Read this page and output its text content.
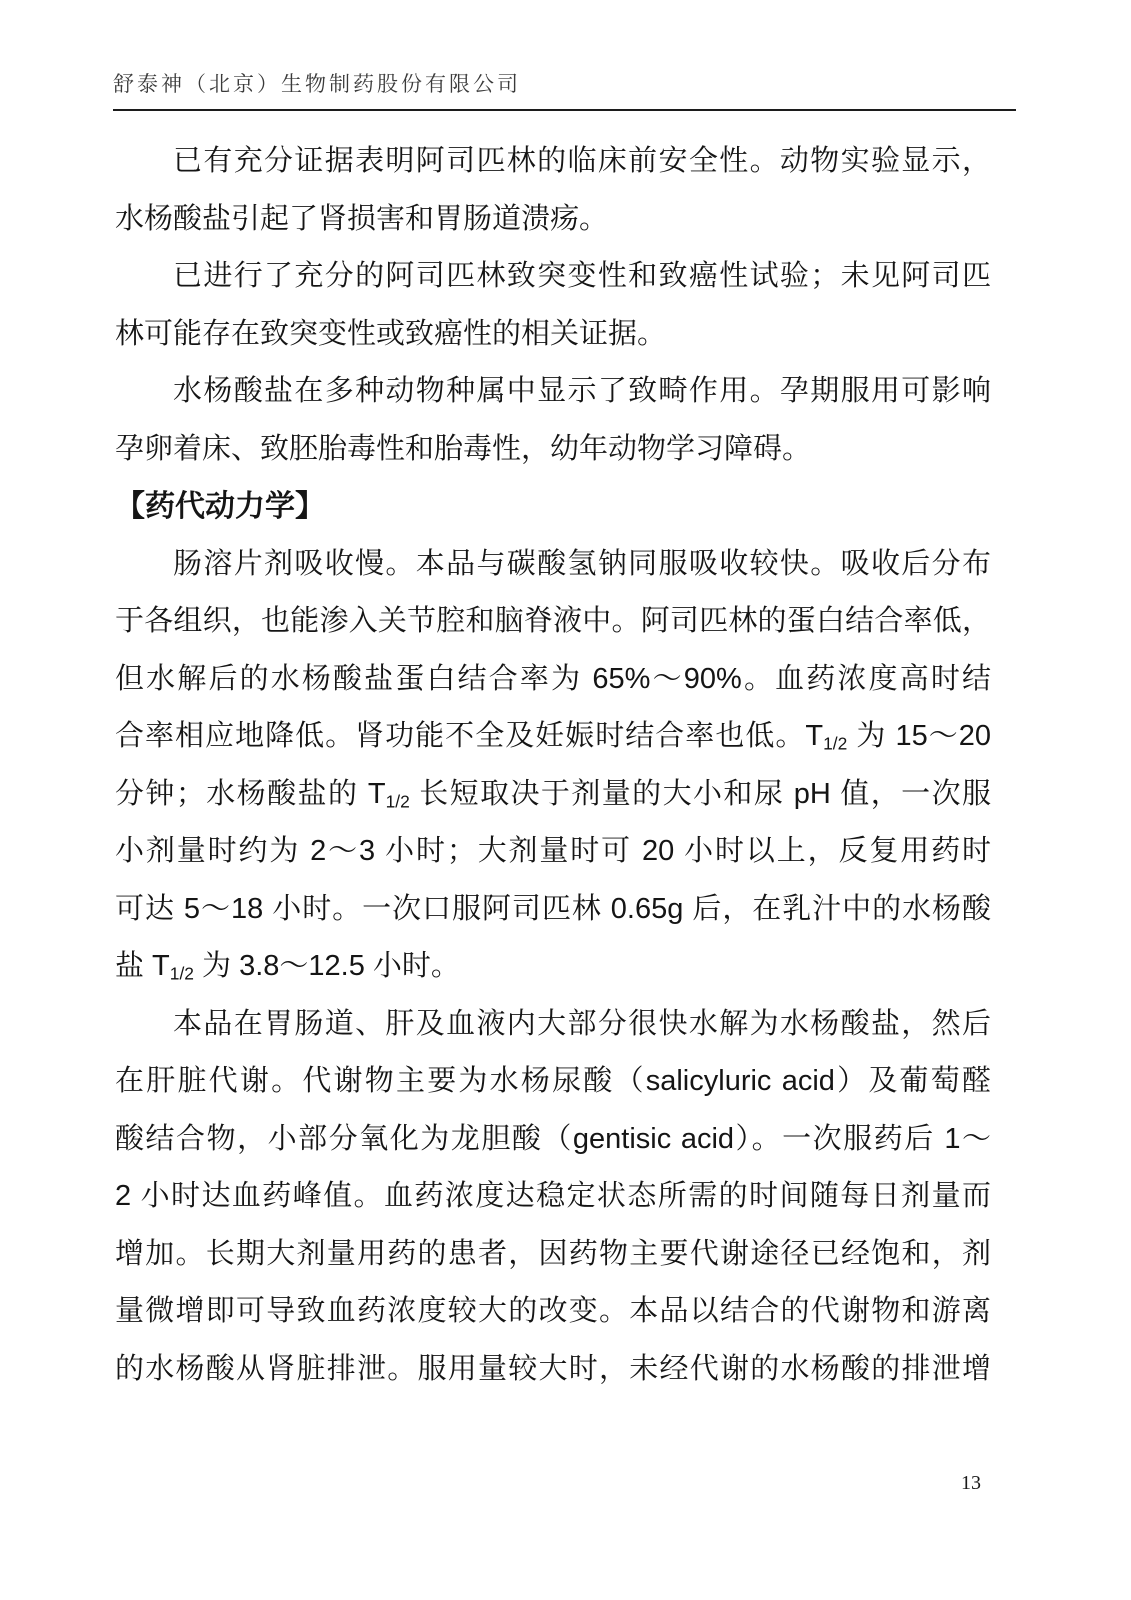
舒泰神（北京）生物制药股份有限公司
已有充分证据表明阿司匹林的临床前安全性。动物实验显示，
水杨酸盐引起了肾损害和胃肠道溃疡。
已进行了充分的阿司匹林致突变性和致癌性试验；未见阿司匹
林可能存在致突变性或致癌性的相关证据。
水杨酸盐在多种动物种属中显示了致畸作用。孕期服用可影响
孕卵着床、致胚胎毒性和胎毒性，幼年动物学习障碍。
【药代动力学】
肠溶片剂吸收慢。本品与碳酸氢钠同服吸收较快。吸收后分布
于各组织，也能渗入关节腔和脑脊液中。阿司匹林的蛋白结合率低，
但水解后的水杨酸盐蛋白结合率为 65%～90%。血药浓度高时结
合率相应地降低。肾功能不全及妊娠时结合率也低。$T_{1/2}$ 为 15～20
分钟；水杨酸盐的 $T_{1/2}$ 长短取决于剂量的大小和尿 pH 值，一次服
小剂量时约为 2～3 小时；大剂量时可 20 小时以上，反复用药时
可达 5～18 小时。一次口服阿司匹林 0.65g 后，在乳汁中的水杨酸
盐 $T_{1/2}$ 为 3.8～12.5 小时。
本品在胃肠道、肝及血液内大部分很快水解为水杨酸盐，然后
在肝脏代谢。代谢物主要为水杨尿酸（salicyluric acid）及葡萄醛
酸结合物，小部分氧化为龙胆酸（gentisic acid）。一次服药后 1～
2 小时达血药峰值。血药浓度达稳定状态所需的时间随每日剂量而
增加。长期大剂量用药的患者，因药物主要代谢途径已经饱和，剂
量微增即可导致血药浓度较大的改变。本品以结合的代谢物和游离
的水杨酸从肾脏排泄。服用量较大时，未经代谢的水杨酸的排泄增
13
